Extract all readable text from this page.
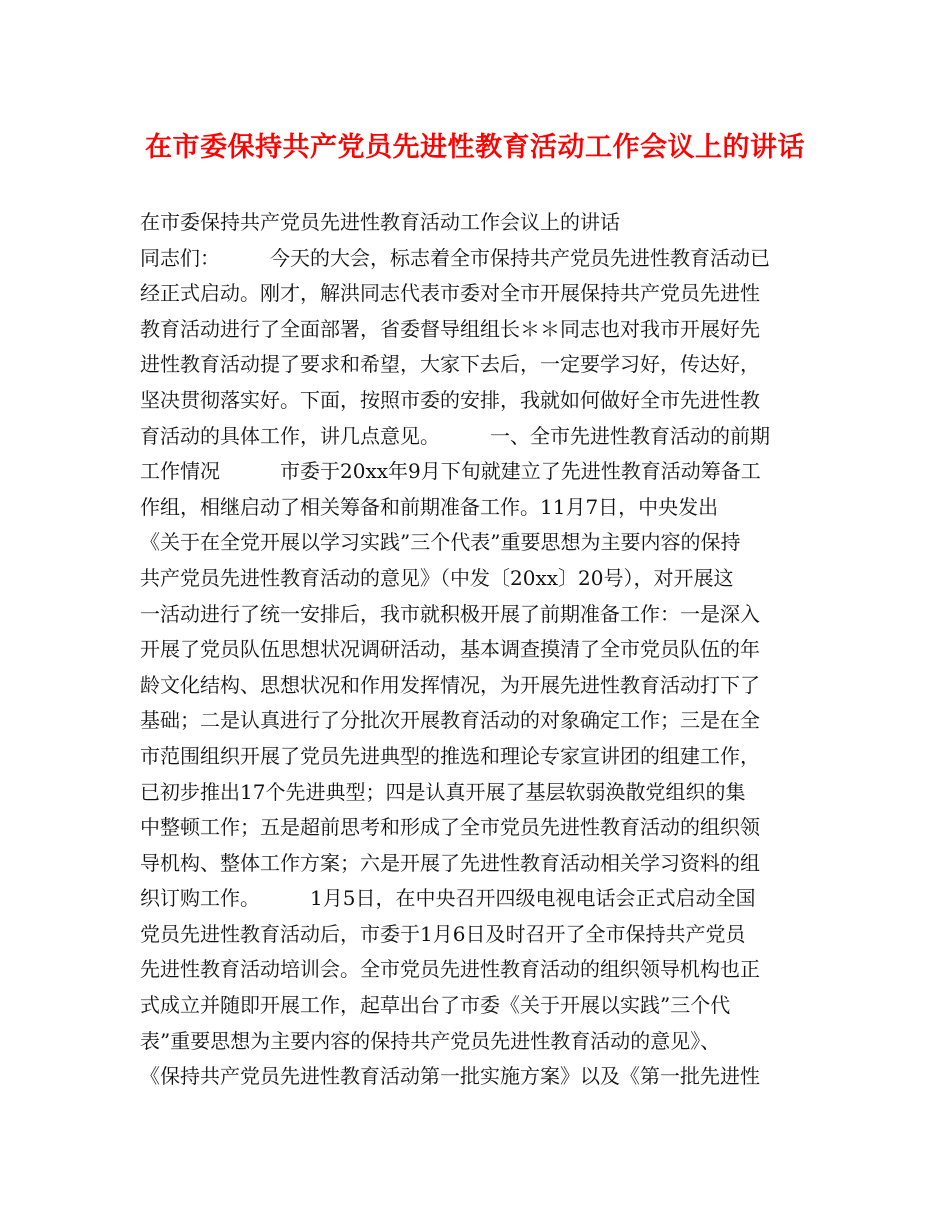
在市委保持共产党员先进性教育活动工作会议上的讲话
在市委保持共产党员先进性教育活动工作会议上的讲话
同志们：　　　今天的大会，标志着全市保持共产党员先进性教育活动已
经正式启动。刚才，解洪同志代表市委对全市开展保持共产党员先进性
教育活动进行了全面部署，省委督导组组长＊＊同志也对我市开展好先
进性教育活动提了要求和希望，大家下去后，一定要学习好，传达好，
坚决贯彻落实好。下面，按照市委的安排，我就如何做好全市先进性教
育活动的具体工作，讲几点意见。　　　一、全市先进性教育活动的前期
工作情况　　　市委于20xx年9月下旬就建立了先进性教育活动筹备工
作组，相继启动了相关筹备和前期准备工作。11月7日，中央发出
《关于在全党开展以学习实践”三个代表”重要思想为主要内容的保持
共产党员先进性教育活动的意见》（中发〔20xx〕20号），对开展这
一活动进行了统一安排后，我市就积极开展了前期准备工作：一是深入
开展了党员队伍思想状况调研活动，基本调查摸清了全市党员队伍的年
龄文化结构、思想状况和作用发挥情况，为开展先进性教育活动打下了
基础；二是认真进行了分批次开展教育活动的对象确定工作；三是在全
市范围组织开展了党员先进典型的推选和理论专家宣讲团的组建工作，
已初步推出17个先进典型；四是认真开展了基层软弱涣散党组织的集
中整顿工作；五是超前思考和形成了全市党员先进性教育活动的组织领
导机构、整体工作方案；六是开展了先进性教育活动相关学习资料的组
织订购工作。　　　1月5日，在中央召开四级电视电话会正式启动全国
党员先进性教育活动后，市委于1月6日及时召开了全市保持共产党员
先进性教育活动培训会。全市党员先进性教育活动的组织领导机构也正
式成立并随即开展工作，起草出台了市委《关于开展以实践”三个代
表”重要思想为主要内容的保持共产党员先进性教育活动的意见》、
《保持共产党员先进性教育活动第一批实施方案》以及《第一批先进性
